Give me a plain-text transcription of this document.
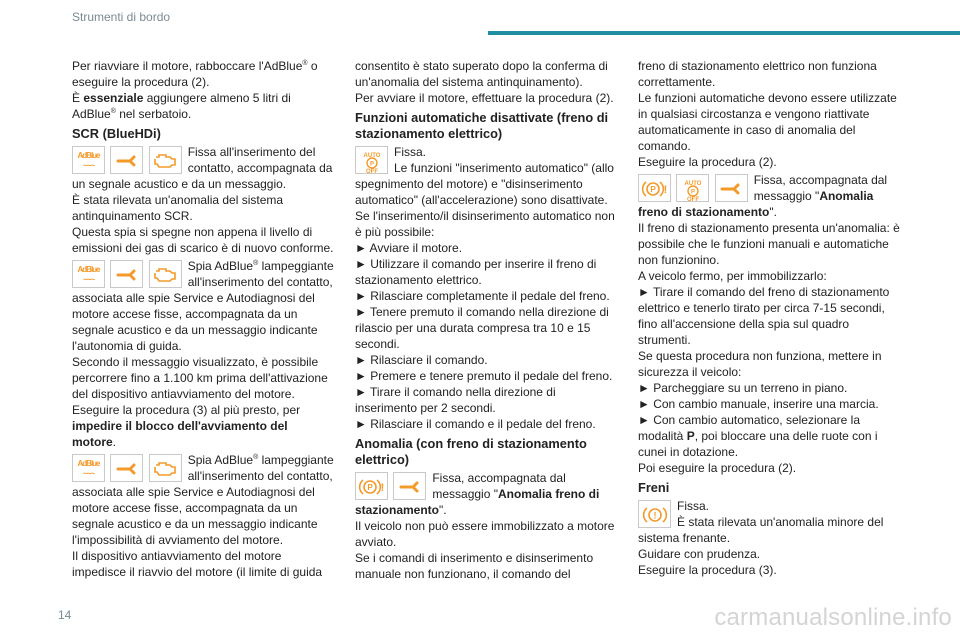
Strumenti di bordo

Per riavviare il motore, rabboccare l'AdBlue® o eseguire la procedura (2).

È essenziale aggiungere almeno 5 litri di AdBlue® nel serbatoio.

SCR (BlueHDi)
AdBlue
~~~

Fissa all'inserimento del contatto, accompagnata da un segnale acustico e da un messaggio.

È stata rilevata un'anomalia del sistema antinquinamento SCR.

Questa spia si spegne non appena il livello di emissioni dei gas di scarico è di nuovo conforme.

AdBlue
~~~

Spia AdBlue® lampeggiante all'inserimento del contatto, associata alle spie Service e Autodiagnosi del motore accese fisse, accompagnata da un segnale acustico e da un messaggio indicante l'autonomia di guida.

Secondo il messaggio visualizzato, è possibile percorrere fino a 1.100 km prima dell'attivazione del dispositivo antiavviamento del motore.

Eseguire la procedura (3) al più presto, per impedire il blocco dell'avviamento del motore.

AdBlue
~~~

Spia AdBlue® lampeggiante all'inserimento del contatto, associata alle spie Service e Autodiagnosi del motore accese fisse, accompagnata da un segnale acustico e da un messaggio indicante l'impossibilità di avviamento del motore.

Il dispositivo antiavviamento del motore impedisce il riavvio del motore (il limite di guida

consentito è stato superato dopo la conferma di un'anomalia del sistema antinquinamento).

Per avviare il motore, effettuare la procedura (2).

Funzioni automatiche disattivate (freno di stazionamento elettrico)
AUTO
P
OFF

Fissa.

Le funzioni "inserimento automatico" (allo spegnimento del motore) e "disinserimento automatico" (all'accelerazione) sono disattivate.

Se l'inserimento/il disinserimento automatico non è più possibile:

► Avviare il motore.

► Utilizzare il comando per inserire il freno di stazionamento elettrico.

► Rilasciare completamente il pedale del freno.

► Tenere premuto il comando nella direzione di rilascio per una durata compresa tra 10 e 15 secondi.

► Rilasciare il comando.

► Premere e tenere premuto il pedale del freno.

► Tirare il comando nella direzione di inserimento per 2 secondi.

► Rilasciare il comando e il pedale del freno.

Anomalia (con freno di stazionamento elettrico)
P !

Fissa, accompagnata dal messaggio "Anomalia freno di stazionamento".

Il veicolo non può essere immobilizzato a motore avviato.

Se i comandi di inserimento e disinserimento manuale non funzionano, il comando del

freno di stazionamento elettrico non funziona correttamente.

Le funzioni automatiche devono essere utilizzate in qualsiasi circostanza e vengono riattivate automaticamente in caso di anomalia del comando.

Eseguire la procedura (2).

P !
	AUTO
P
OFF

Fissa, accompagnata dal messaggio "Anomalia freno di stazionamento".

Il freno di stazionamento presenta un'anomalia: è possibile che le funzioni manuali e automatiche non funzionino.

A veicolo fermo, per immobilizzarlo:

► Tirare il comando del freno di stazionamento elettrico e tenerlo tirato per circa 7-15 secondi, fino all'accensione della spia sul quadro strumenti.

Se questa procedura non funziona, mettere in sicurezza il veicolo:

► Parcheggiare su un terreno in piano.

► Con cambio manuale, inserire una marcia.

► Con cambio automatico, selezionare la modalità P, poi bloccare una delle ruote con i cunei in dotazione.

Poi eseguire la procedura (2).

Freni
!

Fissa.

È stata rilevata un'anomalia minore del sistema frenante.

Guidare con prudenza.

Eseguire la procedura (3).

14	carmanualsonline.info
